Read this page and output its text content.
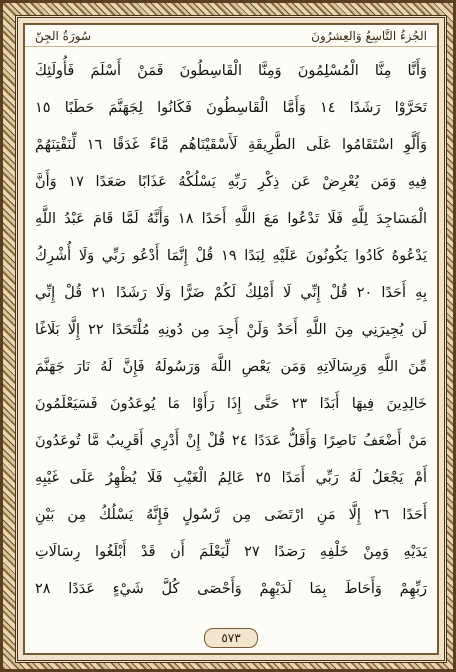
الجُزءُ التَّاسِعُ وَالعِشرُونَ
سُورَةُ الجِنّ
وَأَنَّا مِنَّا الْمُسْلِمُونَ وَمِنَّا الْقَاسِطُونَ فَمَنْ أَسْلَمَ فَأُولَئِكَ
تَحَرَّوْا رَشَدًا ١٤ وَأَمَّا الْقَاسِطُونَ فَكَانُوا لِجَهَنَّمَ حَطَبًا ١٥
وَأَلَّوِ اسْتَقَامُوا عَلَى الطَّرِيقَةِ لَأَسْقَيْنَاهُم مَّاءً غَدَقًا ١٦ لِّنَفْتِنَهُمْ
فِيهِ وَمَن يُعْرِضْ عَن ذِكْرِ رَبِّهِ يَسْلُكْهُ عَذَابًا صَعَدًا ١٧ وَأَنَّ
الْمَسَاجِدَ لِلَّهِ فَلَا تَدْعُوا مَعَ اللَّهِ أَحَدًا ١٨ وَأَنَّهُ لَمَّا قَامَ عَبْدُ اللَّهِ
يَدْعُوهُ كَادُوا يَكُونُونَ عَلَيْهِ لِبَدًا ١٩ قُلْ إِنَّمَا أَدْعُو رَبِّي وَلَا أُشْرِكُ
بِهِ أَحَدًا ٢٠ قُلْ إِنِّي لَا أَمْلِكُ لَكُمْ ضَرًّا وَلَا رَشَدًا ٢١ قُلْ إِنِّي
لَن يُجِيرَنِي مِنَ اللَّهِ أَحَدٌ وَلَنْ أَجِدَ مِن دُونِهِ مُلْتَحَدًا ٢٢ إِلَّا بَلَاغًا
مِّنَ اللَّهِ وَرِسَالَاتِهِ وَمَن يَعْصِ اللَّهَ وَرَسُولَهُ فَإِنَّ لَهُ نَارَ جَهَنَّمَ
خَالِدِينَ فِيهَا أَبَدًا ٢٣ حَتَّى إِذَا رَأَوْا مَا يُوعَدُونَ فَسَيَعْلَمُونَ
مَنْ أَضْعَفُ نَاصِرًا وَأَقَلُّ عَدَدًا ٢٤ قُلْ إِنْ أَدْرِي أَقَرِيبٌ مَّا تُوعَدُونَ
أَمْ يَجْعَلُ لَهُ رَبِّي أَمَدًا ٢٥ عَالِمُ الْغَيْبِ فَلَا يُظْهِرُ عَلَى غَيْبِهِ
أَحَدًا ٢٦ إِلَّا مَنِ ارْتَضَى مِن رَّسُولٍ فَإِنَّهُ يَسْلُكُ مِن بَيْنِ
يَدَيْهِ وَمِنْ خَلْفِهِ رَصَدًا ٢٧ لِّيَعْلَمَ أَن قَدْ أَبْلَغُوا رِسَالَاتِ
رَبِّهِمْ وَأَحَاطَ بِمَا لَدَيْهِمْ وَأَحْصَى كُلَّ شَيْءٍ عَدَدًا ٢٨
٥٧٣
